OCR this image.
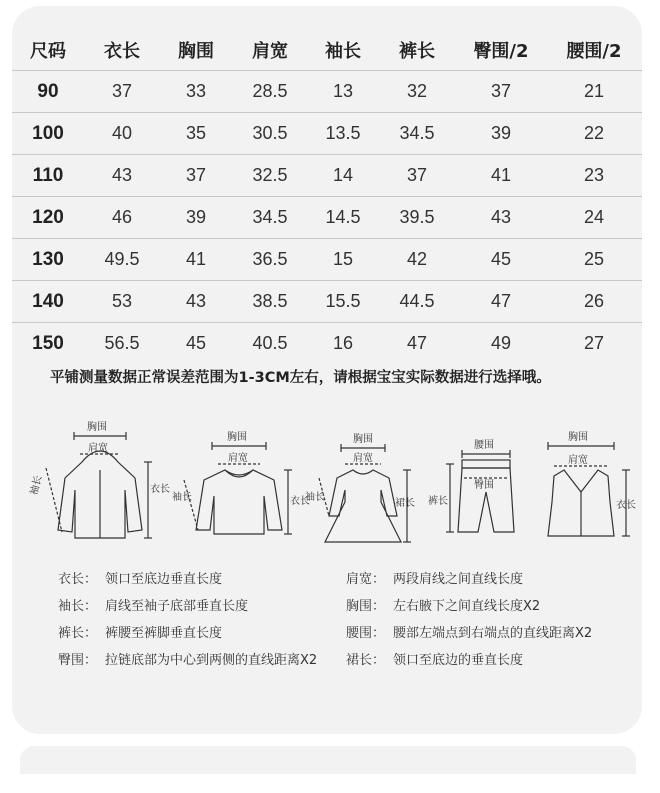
尺码	衣长	胸围	肩宽	袖长	裤长	臀围/2	腰围/2
90	37	33	28.5	13	32	37	21
100	40	35	30.5	13.5	34.5	39	22
110	43	37	32.5	14	37	41	23
120	46	39	34.5	14.5	39.5	43	24
130	49.5	41	36.5	15	42	45	25
140	53	43	38.5	15.5	44.5	47	26
150	56.5	45	40.5	16	47	49	27
平铺测量数据正常误差范围为1-3CM左右，请根据宝宝实际数据进行选择哦。
胸围
肩宽
袖长	衣长
胸围
肩宽
袖长	衣长
胸围
肩宽
袖长
裙长
腰围
臀围
裤长
胸围
肩宽
衣长
衣长： 领口至底边垂直长度
袖长： 肩线至袖子底部垂直长度
裤长： 裤腰至裤脚垂直长度
臀围： 拉链底部为中心到两侧的直线距离X2
肩宽： 两段肩线之间直线长度
胸围： 左右腋下之间直线长度X2
腰围： 腰部左端点到右端点的直线距离X2
裙长： 领口至底边的垂直长度
